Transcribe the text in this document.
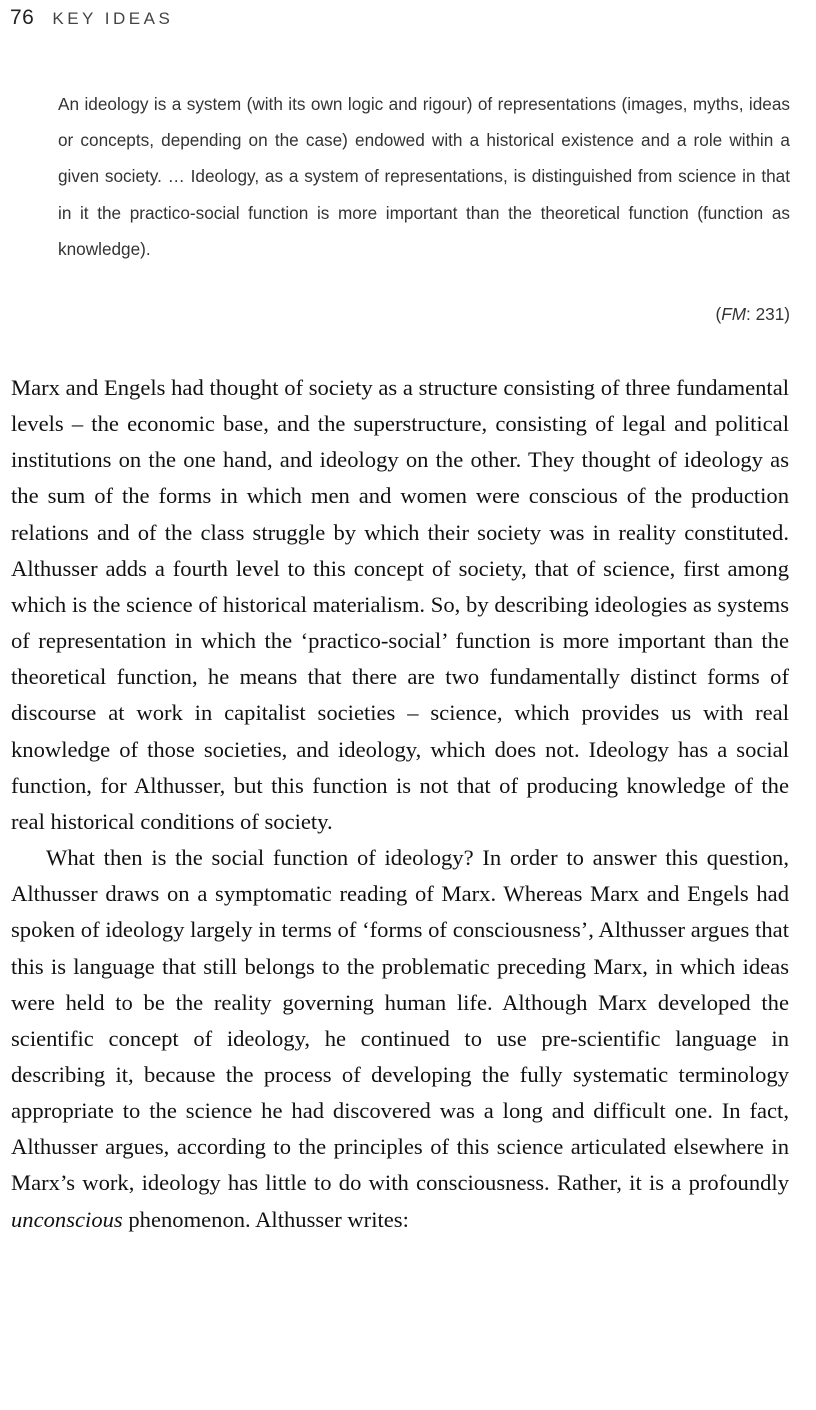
76 KEY IDEAS

An ideology is a system (with its own logic and rigour) of representations (images, myths, ideas or concepts, depending on the case) endowed with a historical existence and a role within a given society. … Ideology, as a system of representations, is distinguished from science in that in it the practico-social function is more important than the theoretical function (function as knowledge).

(FM: 231)

Marx and Engels had thought of society as a structure consisting of three fundamental levels – the economic base, and the superstructure, consisting of legal and political institutions on the one hand, and ideology on the other. They thought of ideology as the sum of the forms in which men and women were conscious of the production relations and of the class struggle by which their society was in reality constituted. Althusser adds a fourth level to this concept of society, that of science, first among which is the science of historical materialism. So, by describing ideologies as systems of representation in which the ‘practico-social’ function is more important than the theoretical function, he means that there are two fundamentally distinct forms of discourse at work in capitalist societies – science, which provides us with real knowledge of those societies, and ideology, which does not. Ideology has a social function, for Althusser, but this function is not that of producing knowledge of the real historical conditions of society.

What then is the social function of ideology? In order to answer this question, Althusser draws on a symptomatic reading of Marx. Whereas Marx and Engels had spoken of ideology largely in terms of ‘forms of consciousness’, Althusser argues that this is language that still belongs to the problematic preceding Marx, in which ideas were held to be the reality governing human life. Although Marx developed the scientific concept of ideology, he continued to use pre-scientific language in describing it, because the process of developing the fully systematic terminology appropriate to the science he had discovered was a long and difficult one. In fact, Althusser argues, according to the principles of this science articulated elsewhere in Marx’s work, ideology has little to do with consciousness. Rather, it is a profoundly unconscious phenomenon. Althusser writes:
